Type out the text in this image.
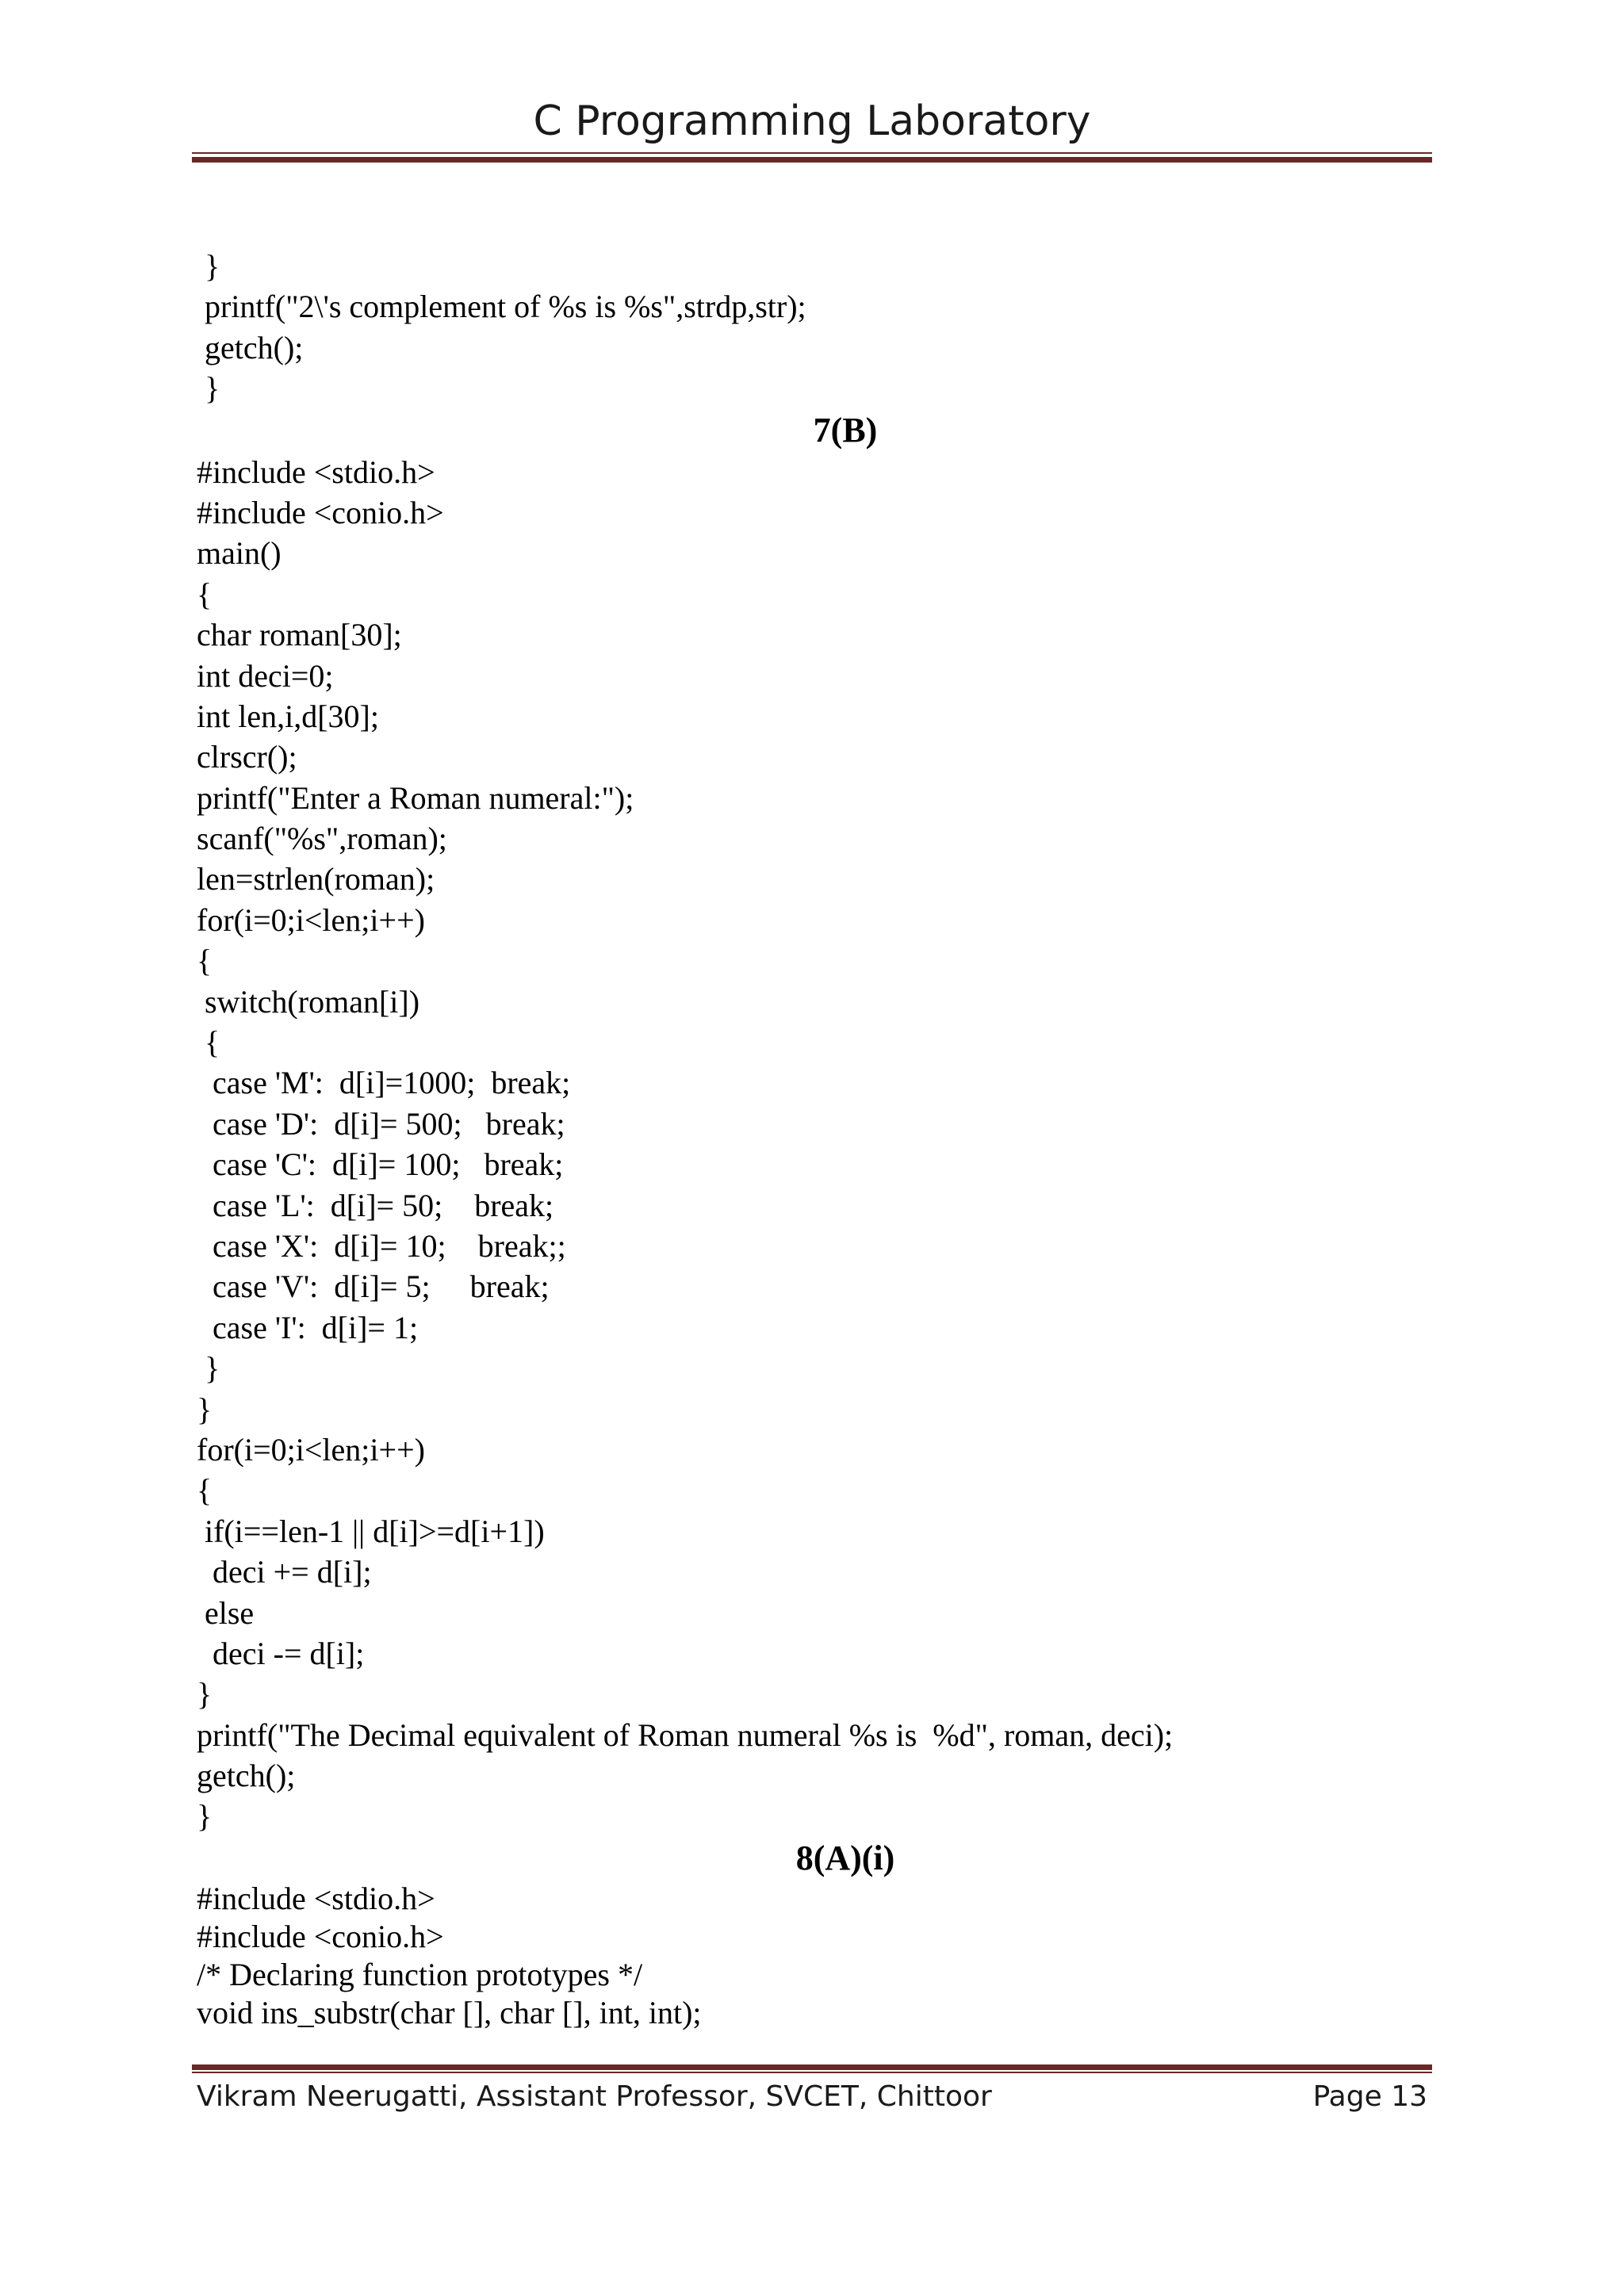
C Programming Laboratory
}
printf("2\'s complement of %s is %s",strdp,str);
getch();
}
7(B)
#include <stdio.h>
#include <conio.h>
main()
{
char roman[30];
int deci=0;
int len,i,d[30];
clrscr();
printf("Enter a Roman numeral:");
scanf("%s",roman);
len=strlen(roman);
for(i=0;i<len;i++)
{
switch(roman[i])
{
case 'M':  d[i]=1000;  break;
case 'D':  d[i]= 500;   break;
case 'C':  d[i]= 100;   break;
case 'L':  d[i]= 50;    break;
case 'X':  d[i]= 10;    break;;
case 'V':  d[i]= 5;     break;
case 'I':  d[i]= 1;
}
}
for(i=0;i<len;i++)
{
if(i==len-1 || d[i]>=d[i+1])
deci += d[i];
else
deci -= d[i];
}
printf("The Decimal equivalent of Roman numeral %s is  %d", roman, deci);
getch();
}
8(A)(i)
#include <stdio.h>
#include <conio.h>
/* Declaring function prototypes */
void ins_substr(char [], char [], int, int);
Vikram Neerugatti, Assistant Professor, SVCET, Chittoor	Page 13
